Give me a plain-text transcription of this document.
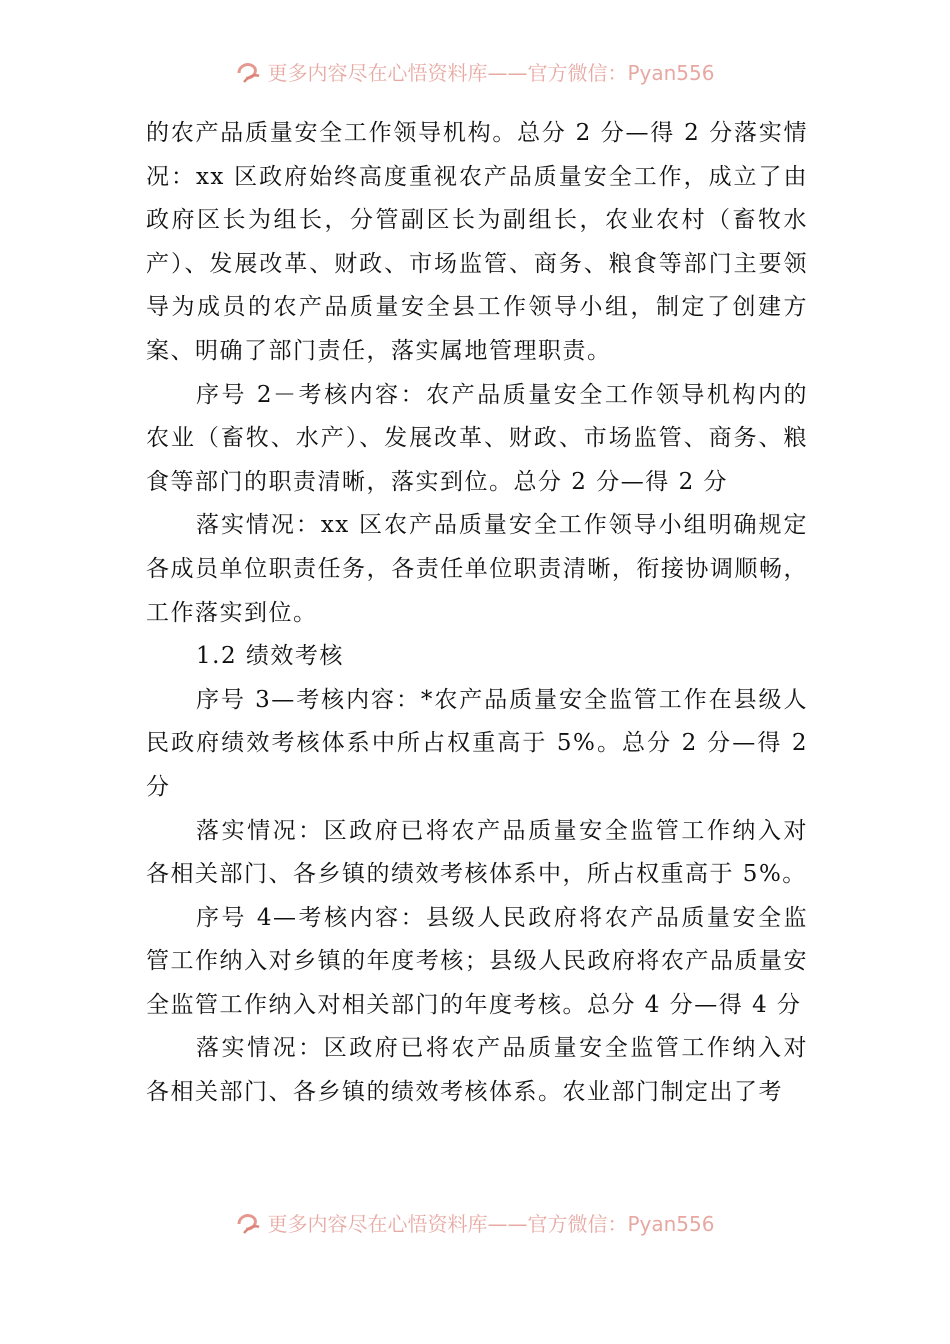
更多内容尽在心悟资料库——官方微信：Pyan556

的农产品质量安全工作领导机构。总分 2 分—得 2 分落实情况：xx 区政府始终高度重视农产品质量安全工作，成立了由政府区长为组长，分管副区长为副组长，农业农村（畜牧水产）、发展改革、财政、市场监管、商务、粮食等部门主要领导为成员的农产品质量安全县工作领导小组，制定了创建方案、明确了部门责任，落实属地管理职责。

序号 2－考核内容：农产品质量安全工作领导机构内的农业（畜牧、水产）、发展改革、财政、市场监管、商务、粮食等部门的职责清晰，落实到位。总分 2 分—得 2 分

落实情况：xx 区农产品质量安全工作领导小组明确规定各成员单位职责任务，各责任单位职责清晰，衔接协调顺畅，工作落实到位。

1.2 绩效考核

序号 3—考核内容：*农产品质量安全监管工作在县级人民政府绩效考核体系中所占权重高于 5%。总分 2 分—得 2 分

落实情况：区政府已将农产品质量安全监管工作纳入对各相关部门、各乡镇的绩效考核体系中，所占权重高于 5%。

序号 4—考核内容：县级人民政府将农产品质量安全监管工作纳入对乡镇的年度考核；县级人民政府将农产品质量安全监管工作纳入对相关部门的年度考核。总分 4 分—得 4 分

落实情况：区政府已将农产品质量安全监管工作纳入对各相关部门、各乡镇的绩效考核体系。农业部门制定出了考

更多内容尽在心悟资料库——官方微信：Pyan556
